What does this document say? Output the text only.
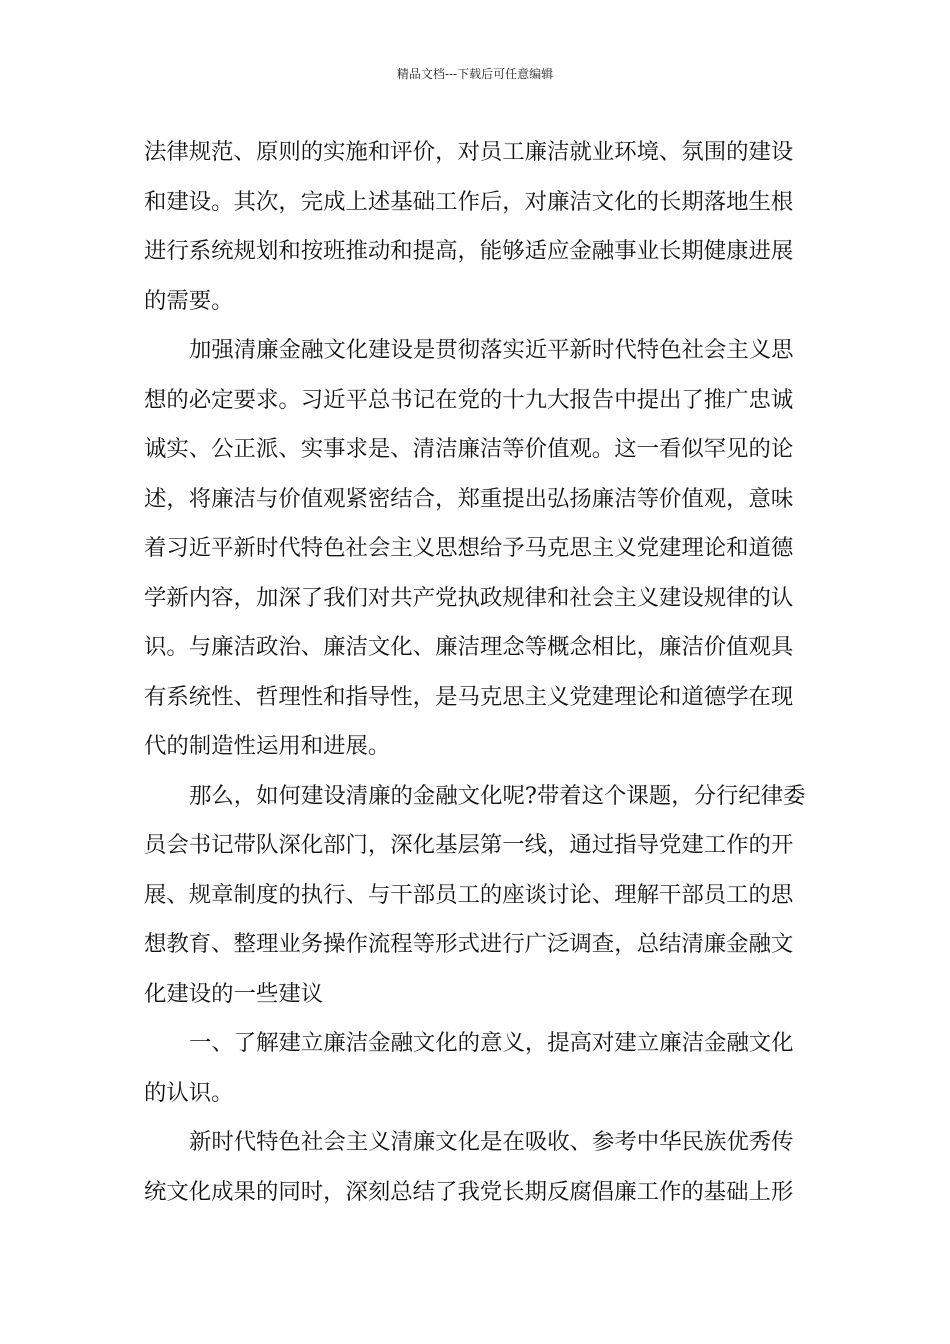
精品文档---下载后可任意编辑
法律规范、原则的实施和评价，对员工廉洁就业环境、氛围的建设
和建设。其次，完成上述基础工作后，对廉洁文化的长期落地生根
进行系统规划和按班推动和提高，能够适应金融事业长期健康进展
的需要。
加强清廉金融文化建设是贯彻落实近平新时代特色社会主义思
想的必定要求。习近平总书记在党的十九大报告中提出了推广忠诚
诚实、公正派、实事求是、清洁廉洁等价值观。这一看似罕见的论
述，将廉洁与价值观紧密结合，郑重提出弘扬廉洁等价值观，意味
着习近平新时代特色社会主义思想给予马克思主义党建理论和道德
学新内容，加深了我们对共产党执政规律和社会主义建设规律的认
识。与廉洁政治、廉洁文化、廉洁理念等概念相比，廉洁价值观具
有系统性、哲理性和指导性，是马克思主义党建理论和道德学在现
代的制造性运用和进展。
那么，如何建设清廉的金融文化呢?带着这个课题，分行纪律委
员会书记带队深化部门，深化基层第一线，通过指导党建工作的开
展、规章制度的执行、与干部员工的座谈讨论、理解干部员工的思
想教育、整理业务操作流程等形式进行广泛调查，总结清廉金融文
化建设的一些建议
一、了解建立廉洁金融文化的意义，提高对建立廉洁金融文化
的认识。
新时代特色社会主义清廉文化是在吸收、参考中华民族优秀传
统文化成果的同时，深刻总结了我党长期反腐倡廉工作的基础上形
